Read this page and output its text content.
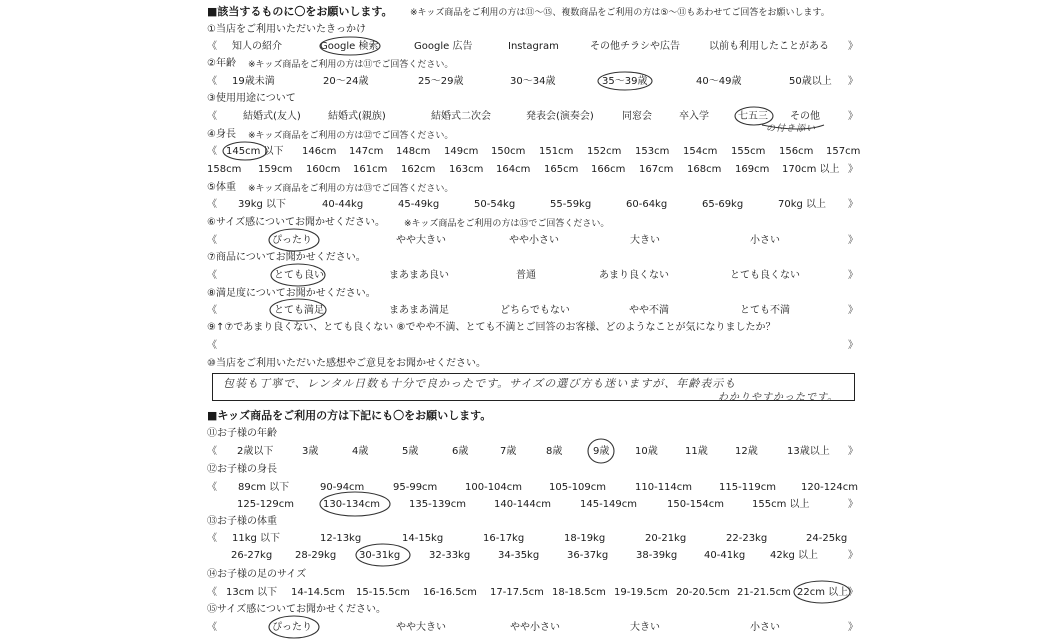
■該当するものに〇をお願いします。 ※キッズ商品をご利用の方は⑪〜⑮、複数商品をご利用の方は⑤〜⑪もあわせてご回答をお願いします。
①当店をご利用いただいたきっかけ
《 知人の紹介	Google 検索	Google 広告	Instagram	その他チラシや広告	以前も利用したことがある 》
②年齢 ※キッズ商品をご利用の方は⑪でご回答ください。
《 19歳未満	20〜24歳	25〜29歳	30〜34歳	35〜39歳	40〜49歳	50歳以上 》
③使用用途について
《	結婚式(友人)	結婚式(親族)	結婚式二次会	発表会(演奏会)	同窓会	卒入学	七五三 その他	》
の付き添い
④身長 ※キッズ商品をご利用の方は⑫でご回答ください。
《 145cm 以下 146cm 147cm 148cm 149cm 150cm 151cm 152cm 153cm 154cm 155cm 156cm 157cm
158cm 159cm 160cm 161cm 162cm 163cm 164cm 165cm 166cm 167cm 168cm 169cm 170cm 以上 》
⑤体重 ※キッズ商品をご利用の方は⑬でご回答ください。
《 39kg 以下	40-44kg	45-49kg	50-54kg	55-59kg	60-64kg	65-69kg	70kg 以上 》
⑥サイズ感についてお聞かせください。 ※キッズ商品をご利用の方は⑮でご回答ください。
《	ぴったり	やや大きい	やや小さい	大きい	小さい	》
⑦商品についてお聞かせください。
《	とても良い	まあまあ良い	普通	あまり良くない	とても良くない	》
⑧満足度についてお聞かせください。
《	とても満足	まあまあ満足	どちらでもない	やや不満	とても不満	》
⑨↑⑦であまり良くない、とても良くない ⑧でやや不満、とても不満とご回答のお客様、どのようなことが気になりましたか？
《	》
⑩当店をご利用いただいた感想やご意見をお聞かせください。
包装も丁寧で、レンタル日数も十分で良かったです。サイズの選び方も迷いますが、年齢表示も
わかりやすかったです。
■キッズ商品をご利用の方は下記にも〇をお願いします。
⑪お子様の年齢
《 2歳以下	3歳	4歳	5歳	6歳	7歳	8歳	9歳	10歳	11歳	12歳	13歳以上 》
⑫お子様の身長
《 89cm 以下	90-94cm	95-99cm	100-104cm	105-109cm	110-114cm	115-119cm 120-124cm
125-129cm	130-134cm	135-139cm	140-144cm	145-149cm	150-154cm	155cm 以上	》
⑬お子様の体重
《 11kg 以下	12-13kg	14-15kg	16-17kg	18-19kg	20-21kg	22-23kg	24-25kg
26-27kg 28-29kg 30-31kg	32-33kg	34-35kg	36-37kg	38-39kg	40-41kg 42kg 以上	》
⑭お子様の足のサイズ
《 13cm 以下 14-14.5cm 15-15.5cm 16-16.5cm 17-17.5cm 18-18.5cm 19-19.5cm 20-20.5cm 21-21.5cm 22cm 以上 》
⑮サイズ感についてお聞かせください。
《	ぴったり	やや大きい	やや小さい	大きい	小さい	》
